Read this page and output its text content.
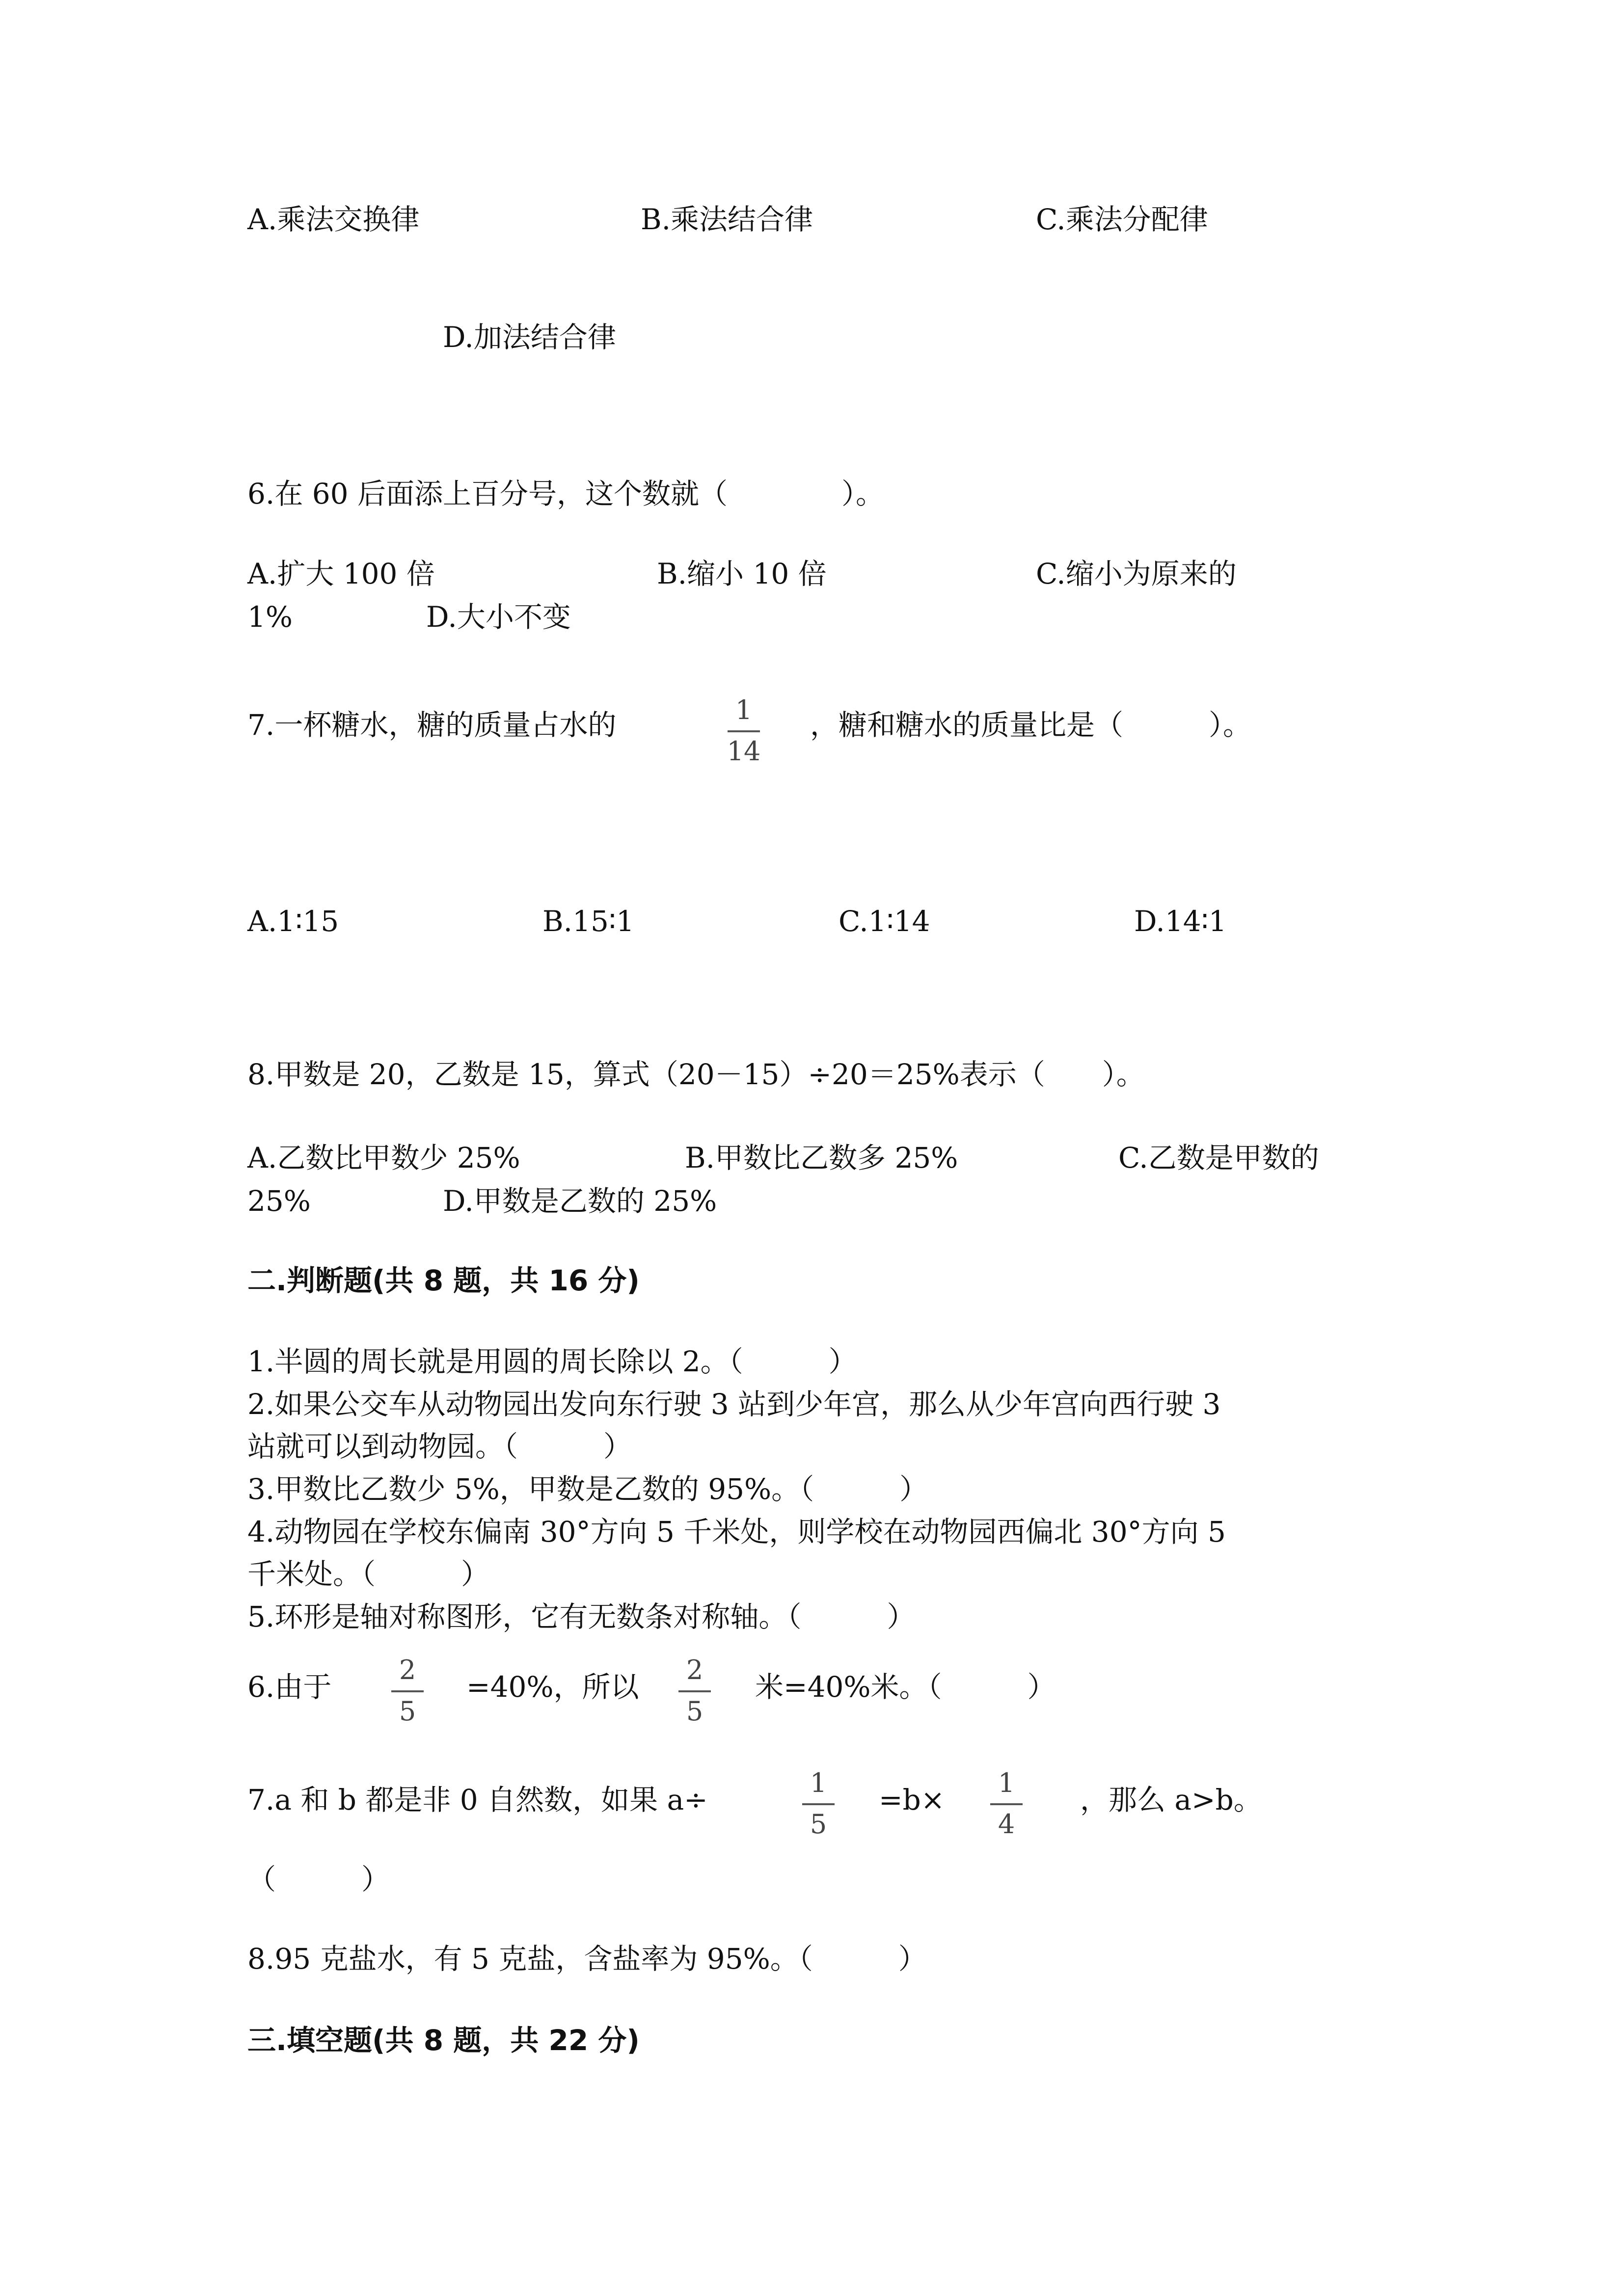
A.乘法交换律	B.乘法结合律	C.乘法分配律
D.加法结合律
6.在 60 后面添上百分号，这个数就（　　　　）。
A.扩大 100 倍	B.缩小 10 倍	C.缩小为原来的
1%	D.大小不变
7.一杯糖水，糖的质量占水的	1
14
，糖和糖水的质量比是（　　　）。
A.1∶15	B.15∶1	C.1∶14	D.14∶1
8.甲数是 20，乙数是 15，算式（20－15）÷20＝25%表示（　　）。
A.乙数比甲数少 25%	B.甲数比乙数多 25%	C.乙数是甲数的
25%	D.甲数是乙数的 25%
二.判断题(共 8 题，共 16 分)
1.半圆的周长就是用圆的周长除以 2。（　　　）
2.如果公交车从动物园出发向东行驶 3 站到少年宫，那么从少年宫向西行驶 3
站就可以到动物园。（　　　）
3.甲数比乙数少 5%，甲数是乙数的 95%。（　　　）
4.动物园在学校东偏南 30°方向 5 千米处，则学校在动物园西偏北 30°方向 5
千米处。（　　　）
5.环形是轴对称图形，它有无数条对称轴。（　　　）
6.由于
2
5
=40%，所以
2
5
米=40%米。（　　　）
7.a 和 b 都是非 0 自然数，如果 a÷
1
5
=b×
1
4
，那么 a>b。
（　　　）
8.95 克盐水，有 5 克盐，含盐率为 95%。（　　　）
三.填空题(共 8 题，共 22 分)
